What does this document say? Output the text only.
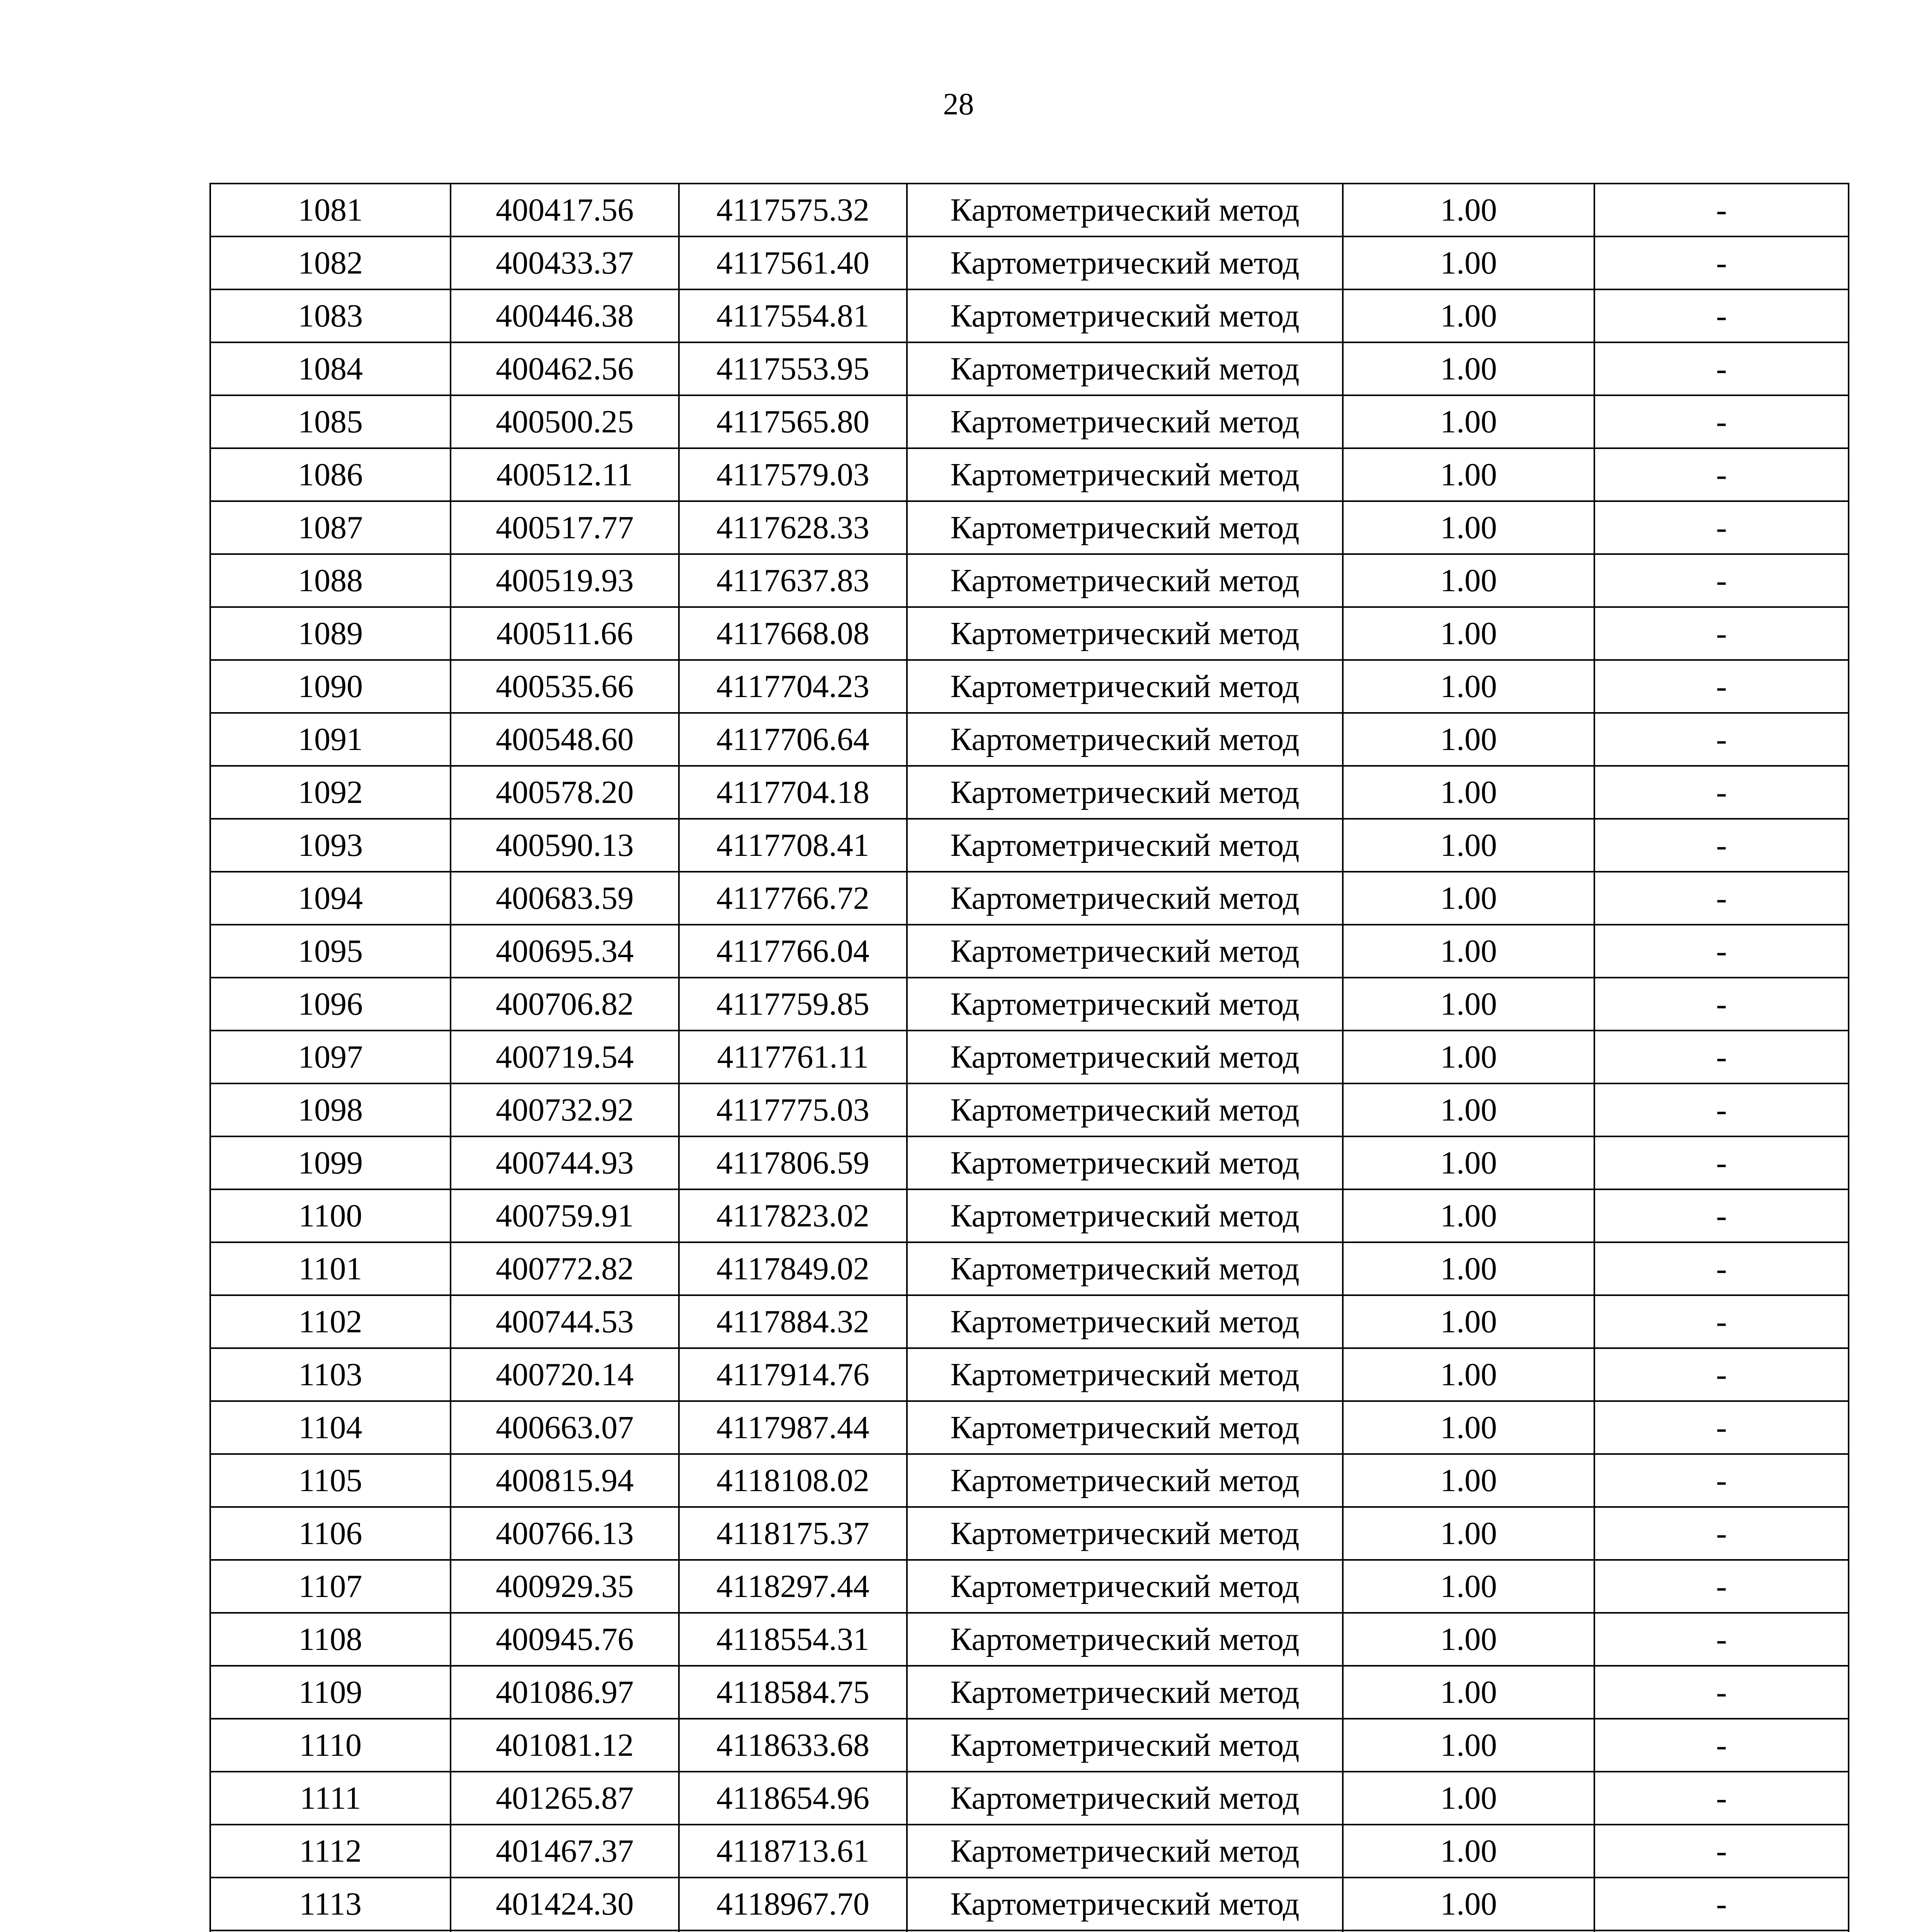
28
1081	400417.56	4117575.32	Картометрический метод	1.00	-
1082	400433.37	4117561.40	Картометрический метод	1.00	-
1083	400446.38	4117554.81	Картометрический метод	1.00	-
1084	400462.56	4117553.95	Картометрический метод	1.00	-
1085	400500.25	4117565.80	Картометрический метод	1.00	-
1086	400512.11	4117579.03	Картометрический метод	1.00	-
1087	400517.77	4117628.33	Картометрический метод	1.00	-
1088	400519.93	4117637.83	Картометрический метод	1.00	-
1089	400511.66	4117668.08	Картометрический метод	1.00	-
1090	400535.66	4117704.23	Картометрический метод	1.00	-
1091	400548.60	4117706.64	Картометрический метод	1.00	-
1092	400578.20	4117704.18	Картометрический метод	1.00	-
1093	400590.13	4117708.41	Картометрический метод	1.00	-
1094	400683.59	4117766.72	Картометрический метод	1.00	-
1095	400695.34	4117766.04	Картометрический метод	1.00	-
1096	400706.82	4117759.85	Картометрический метод	1.00	-
1097	400719.54	4117761.11	Картометрический метод	1.00	-
1098	400732.92	4117775.03	Картометрический метод	1.00	-
1099	400744.93	4117806.59	Картометрический метод	1.00	-
1100	400759.91	4117823.02	Картометрический метод	1.00	-
1101	400772.82	4117849.02	Картометрический метод	1.00	-
1102	400744.53	4117884.32	Картометрический метод	1.00	-
1103	400720.14	4117914.76	Картометрический метод	1.00	-
1104	400663.07	4117987.44	Картометрический метод	1.00	-
1105	400815.94	4118108.02	Картометрический метод	1.00	-
1106	400766.13	4118175.37	Картометрический метод	1.00	-
1107	400929.35	4118297.44	Картометрический метод	1.00	-
1108	400945.76	4118554.31	Картометрический метод	1.00	-
1109	401086.97	4118584.75	Картометрический метод	1.00	-
1110	401081.12	4118633.68	Картометрический метод	1.00	-
1111	401265.87	4118654.96	Картометрический метод	1.00	-
1112	401467.37	4118713.61	Картометрический метод	1.00	-
1113	401424.30	4118967.70	Картометрический метод	1.00	-
